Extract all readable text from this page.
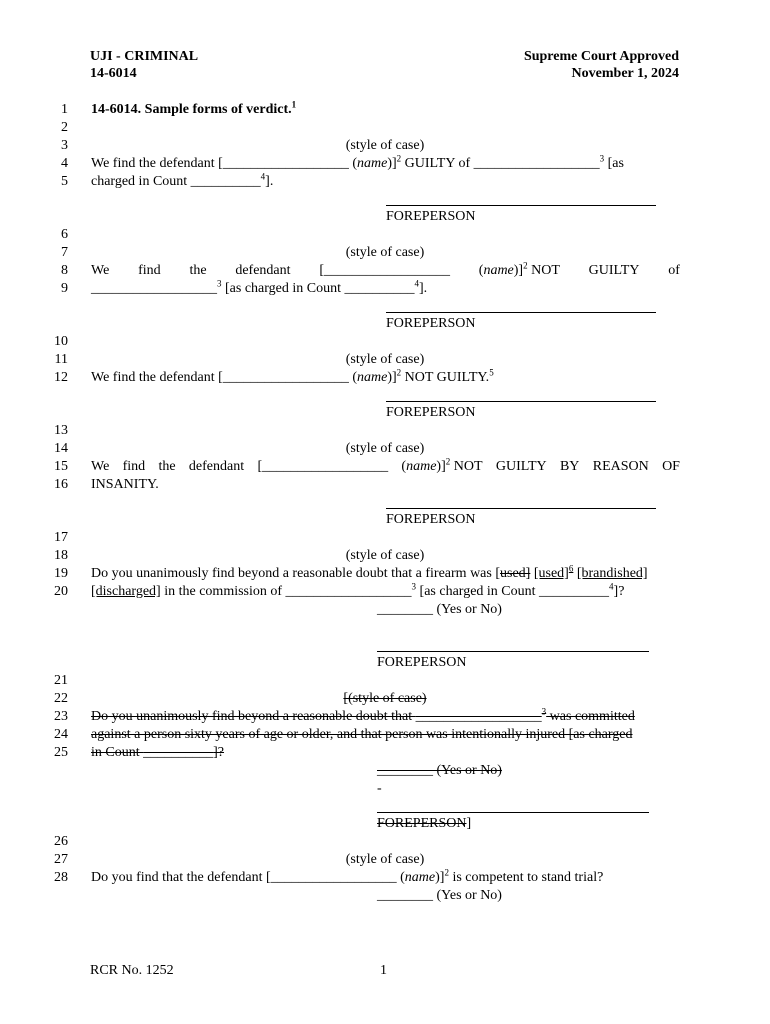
UJI - CRIMINAL
14-6014
Supreme Court Approved
November 1, 2024
1
2
3
4
5
6
7
8
9
10
11
12
13
14
15
16
17
18
19
20
21
22
23
24
25
26
27
28
14-6014. Sample forms of verdict.$^1$
(style of case)
We find the defendant [__________________ (name)]$^2$ GUILTY of __________________$^3$ [as
charged in Count __________$^4$].
FOREPERSON
(style of case)
We find the defendant [__________________ (name)]$^2$ NOT GUILTY of
__________________$^3$ [as charged in Count __________$^4$].
FOREPERSON
(style of case)
We find the defendant [__________________ (name)]$^2$ NOT GUILTY.$^5$
FOREPERSON
(style of case)
We find the defendant [__________________ (name)]$^2$ NOT GUILTY BY REASON OF
INSANITY.
FOREPERSON
(style of case)
Do you unanimously find beyond a reasonable doubt that a firearm was [used] [used]$^6$ [brandished]
[discharged] in the commission of __________________$^3$ [as charged in Count __________$^4$]?
________ (Yes or No)
FOREPERSON
[(style of case)
Do you unanimously find beyond a reasonable doubt that __________________$^3$ was committed
against a person sixty years of age or older, and that person was intentionally injured [as charged
in Count __________]?
________ (Yes or No)
-
FOREPERSON]
(style of case)
Do you find that the defendant [__________________ (name)]$^2$ is competent to stand trial?
________ (Yes or No)
RCR No. 1252	1
